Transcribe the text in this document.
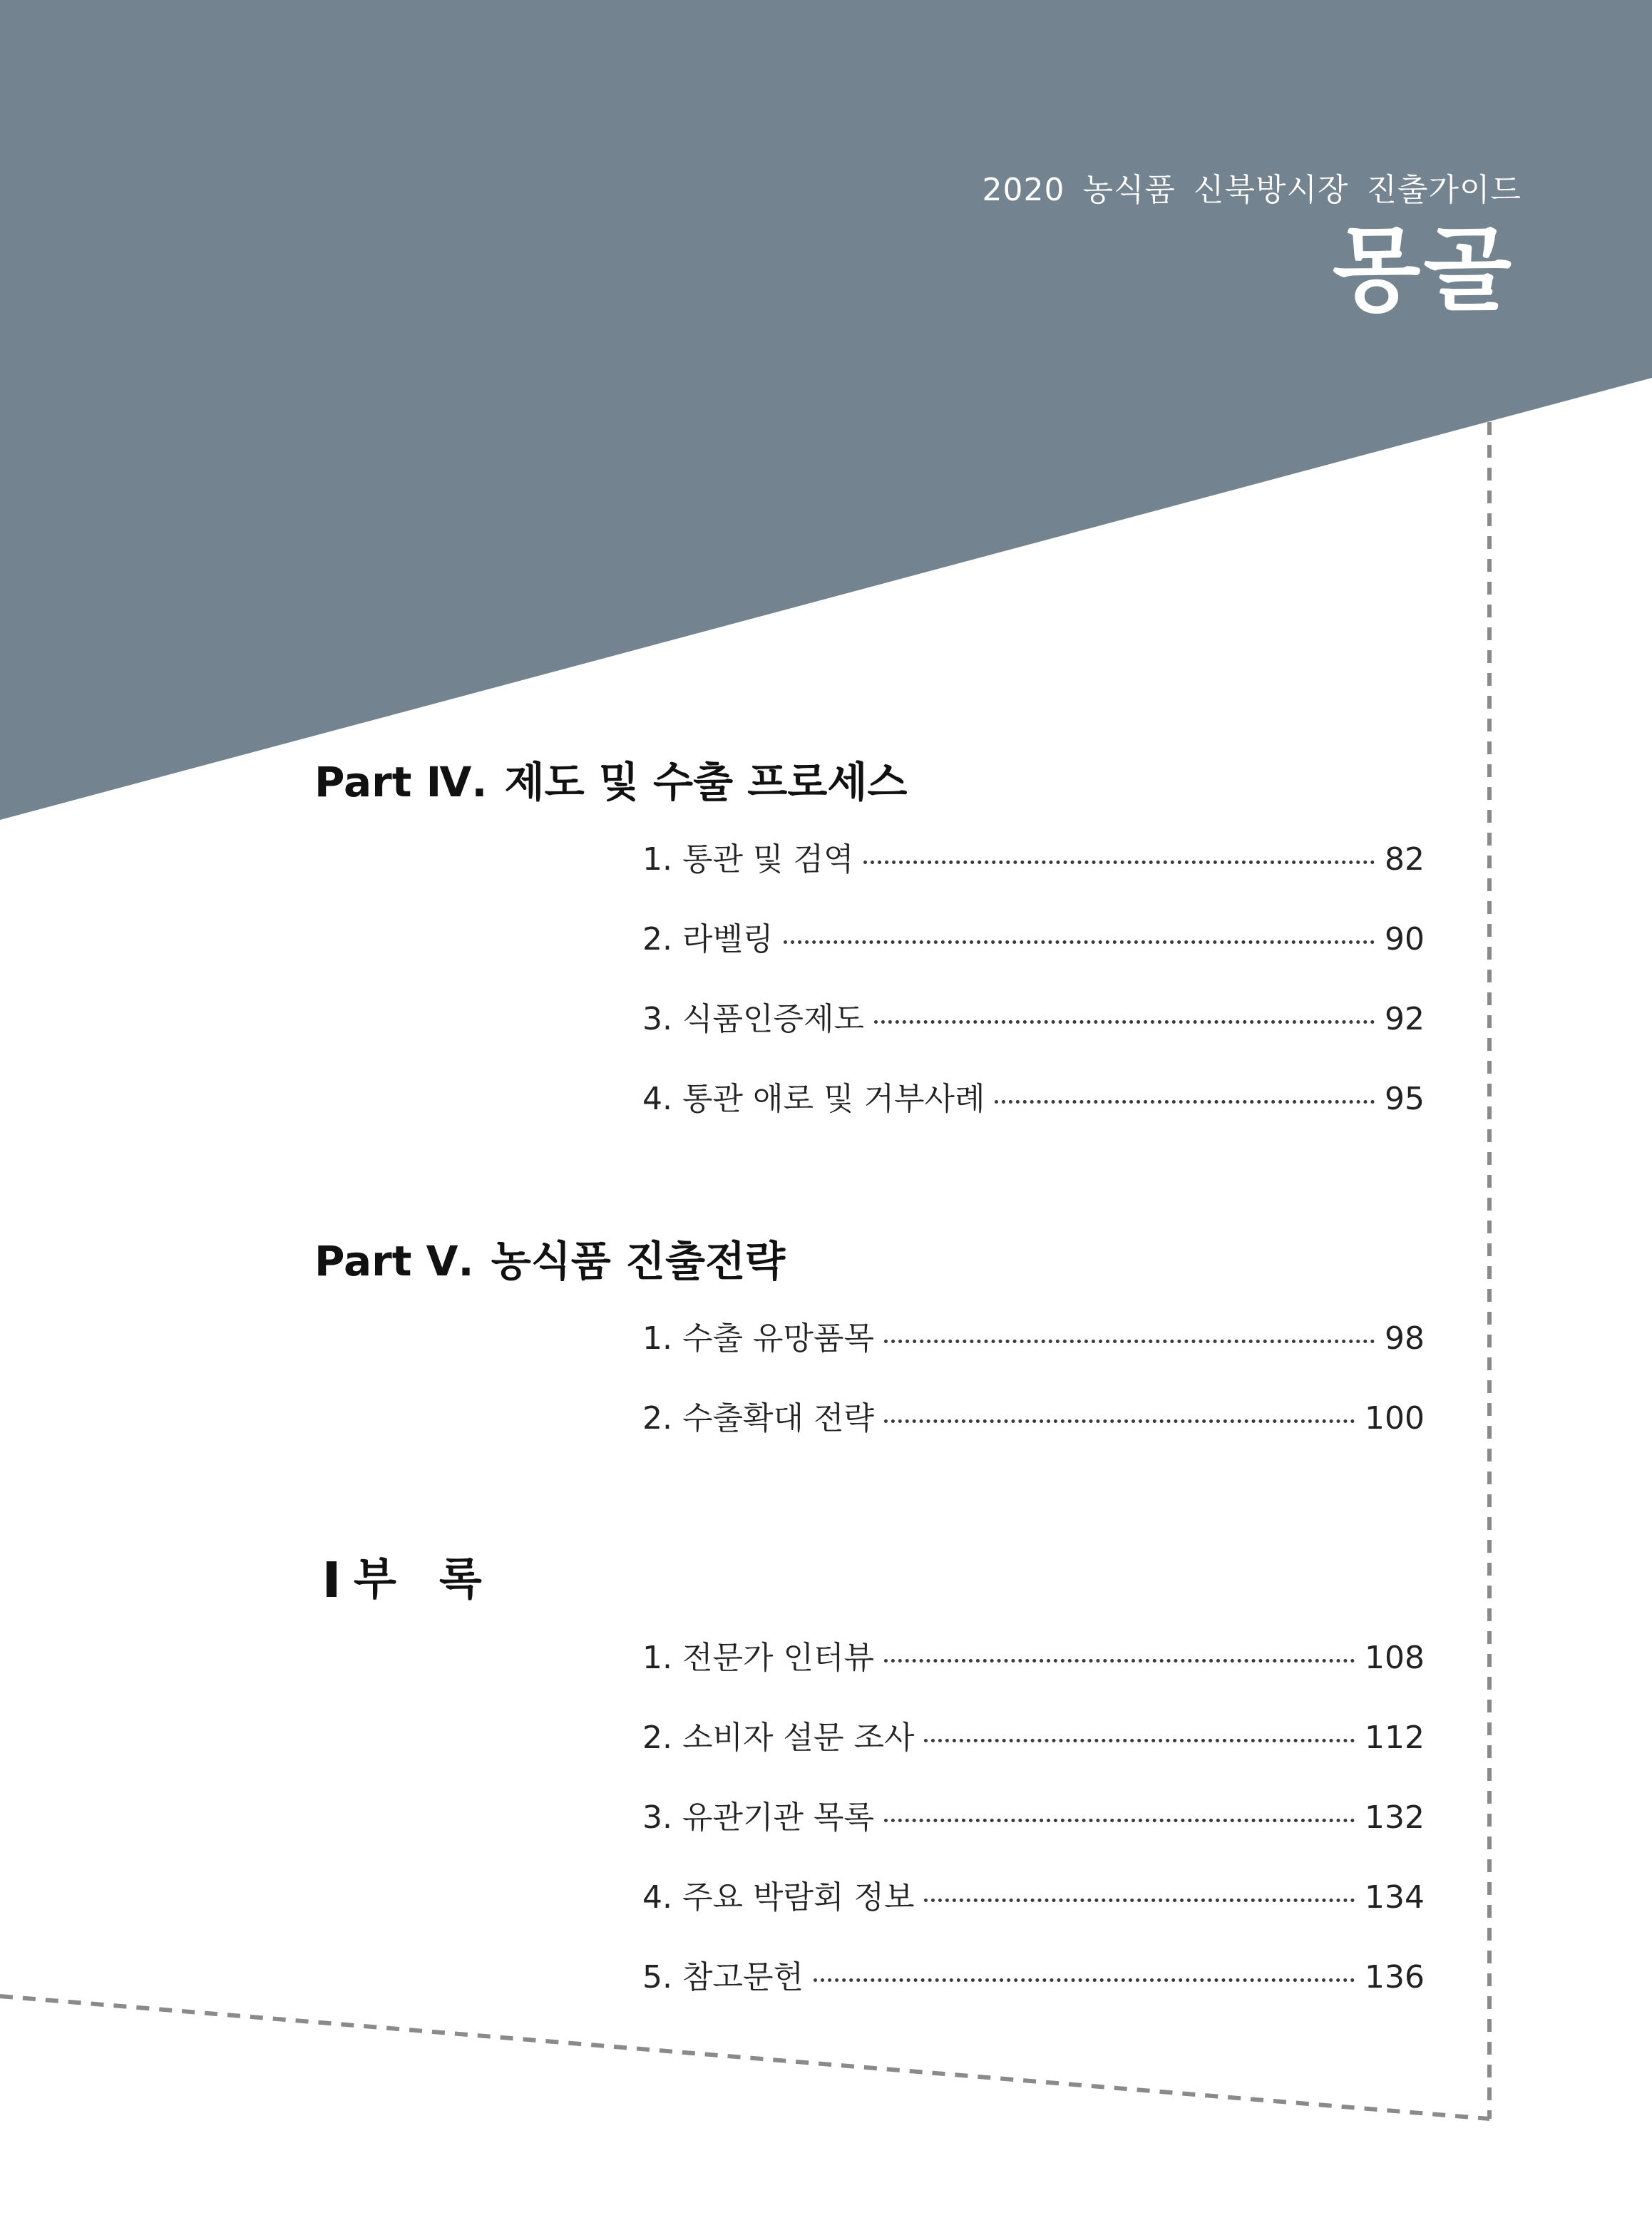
2020 농식품 신북방시장 진출가이드
몽골
Part Ⅳ. 제도 및 수출 프로세스
1. 통관 및 검역	82
2. 라벨링	90
3. 식품인증제도	92
4. 통관 애로 및 거부사례	95
Part Ⅴ. 농식품 진출전략
1. 수출 유망품목	98
2. 수출확대 전략	100
부록
1. 전문가 인터뷰	108
2. 소비자 설문 조사	112
3. 유관기관 목록	132
4. 주요 박람회 정보	134
5. 참고문헌	136
